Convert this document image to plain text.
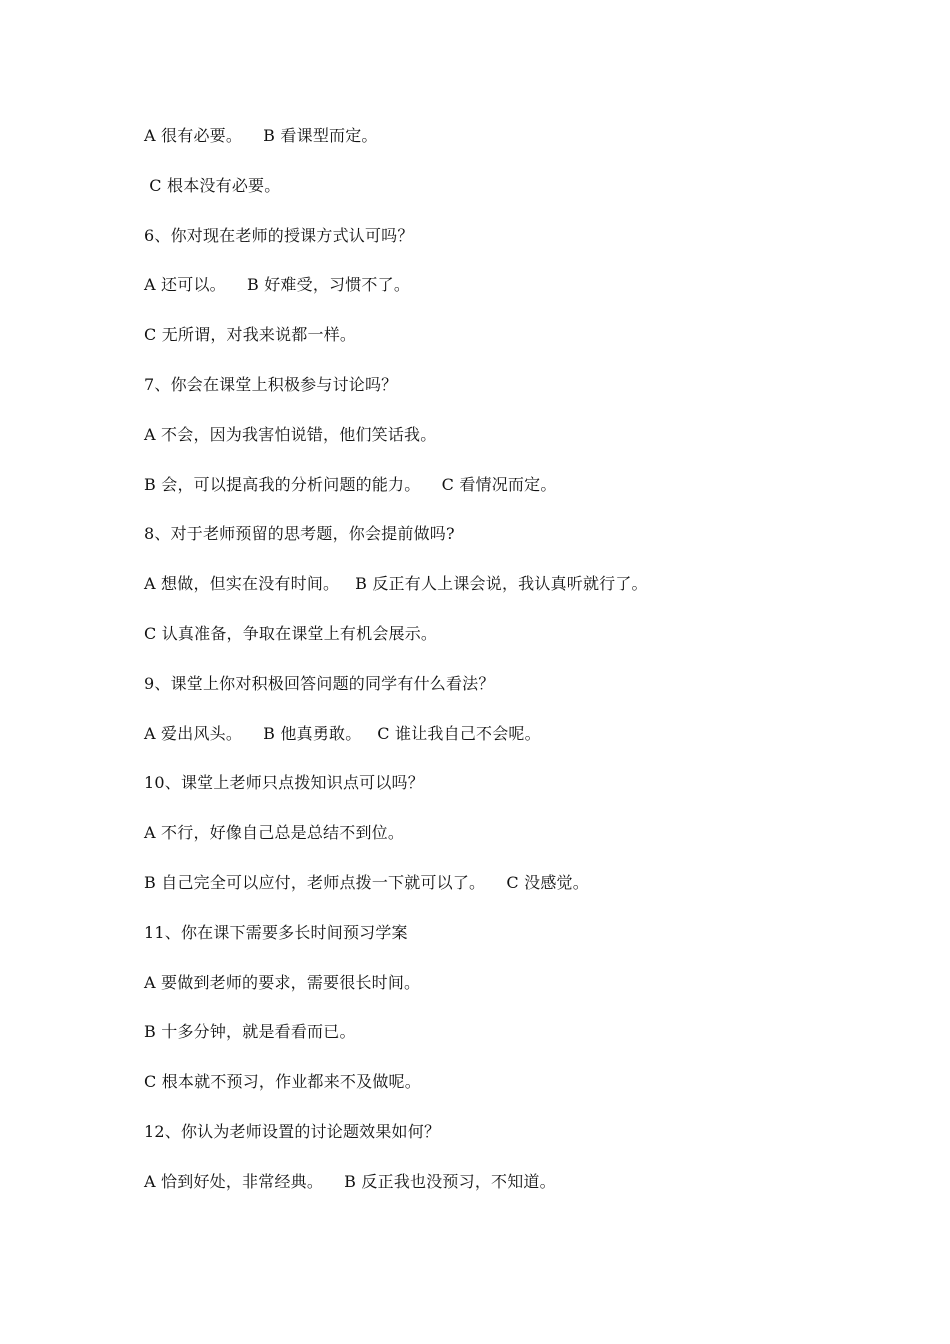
A 很有必要。    B 看课型而定。
C 根本没有必要。
6、你对现在老师的授课方式认可吗？
A 还可以。    B 好难受，习惯不了。
C 无所谓，对我来说都一样。
7、你会在课堂上积极参与讨论吗？
A 不会，因为我害怕说错，他们笑话我。
B 会，可以提高我的分析问题的能力。    C 看情况而定。
8、对于老师预留的思考题，你会提前做吗?
A 想做，但实在没有时间。   B 反正有人上课会说，我认真听就行了。
C 认真准备，争取在课堂上有机会展示。
9、课堂上你对积极回答问题的同学有什么看法？
A 爱出风头。    B 他真勇敢。   C 谁让我自己不会呢。
10、课堂上老师只点拨知识点可以吗？
A 不行，好像自己总是总结不到位。
B 自己完全可以应付，老师点拨一下就可以了。    C 没感觉。
11、你在课下需要多长时间预习学案
A 要做到老师的要求，需要很长时间。
B 十多分钟，就是看看而已。
C 根本就不预习，作业都来不及做呢。
12、你认为老师设置的讨论题效果如何？
A 恰到好处，非常经典。    B 反正我也没预习，不知道。
